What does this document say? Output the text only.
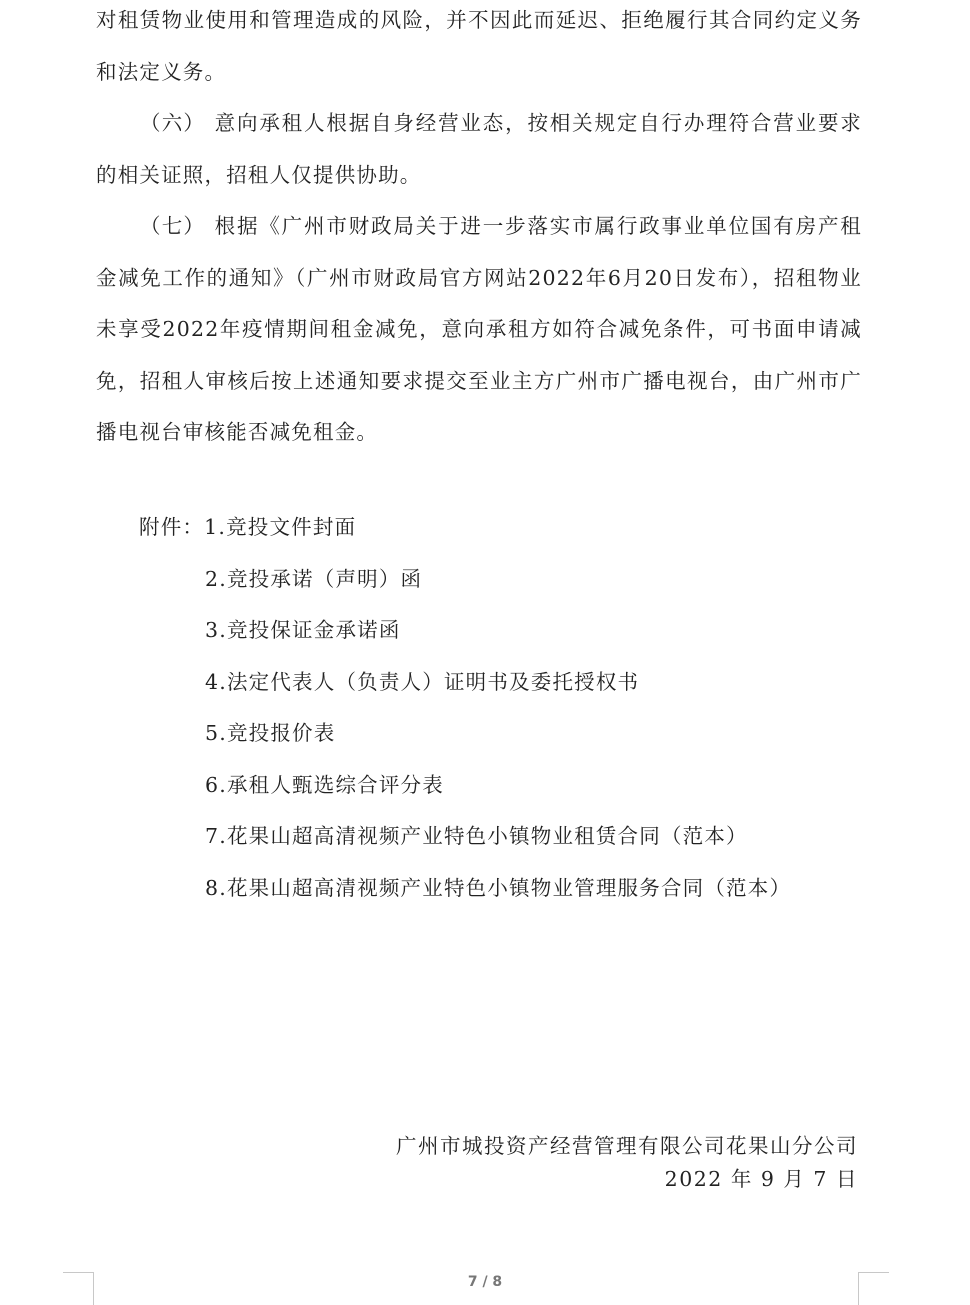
对租赁物业使用和管理造成的风险，并不因此而延迟、拒绝履行其合同约定义务和法定义务。

（六） 意向承租人根据自身经营业态，按相关规定自行办理符合营业要求的相关证照，招租人仅提供协助。

（七） 根据《广州市财政局关于进一步落实市属行政事业单位国有房产租金减免工作的通知》（广州市财政局官方网站2022年6月20日发布），招租物业未享受2022年疫情期间租金减免，意向承租方如符合减免条件，可书面申请减免，招租人审核后按上述通知要求提交至业主方广州市广播电视台，由广州市广播电视台审核能否减免租金。

附件：1.竞投文件封面
2.竞投承诺（声明）函
3.竞投保证金承诺函
4.法定代表人（负责人）证明书及委托授权书
5.竞投报价表
6.承租人甄选综合评分表
7.花果山超高清视频产业特色小镇物业租赁合同（范本）
8.花果山超高清视频产业特色小镇物业管理服务合同（范本）
广州市城投资产经营管理有限公司花果山分公司
2022 年 9 月 7 日
7 / 8
